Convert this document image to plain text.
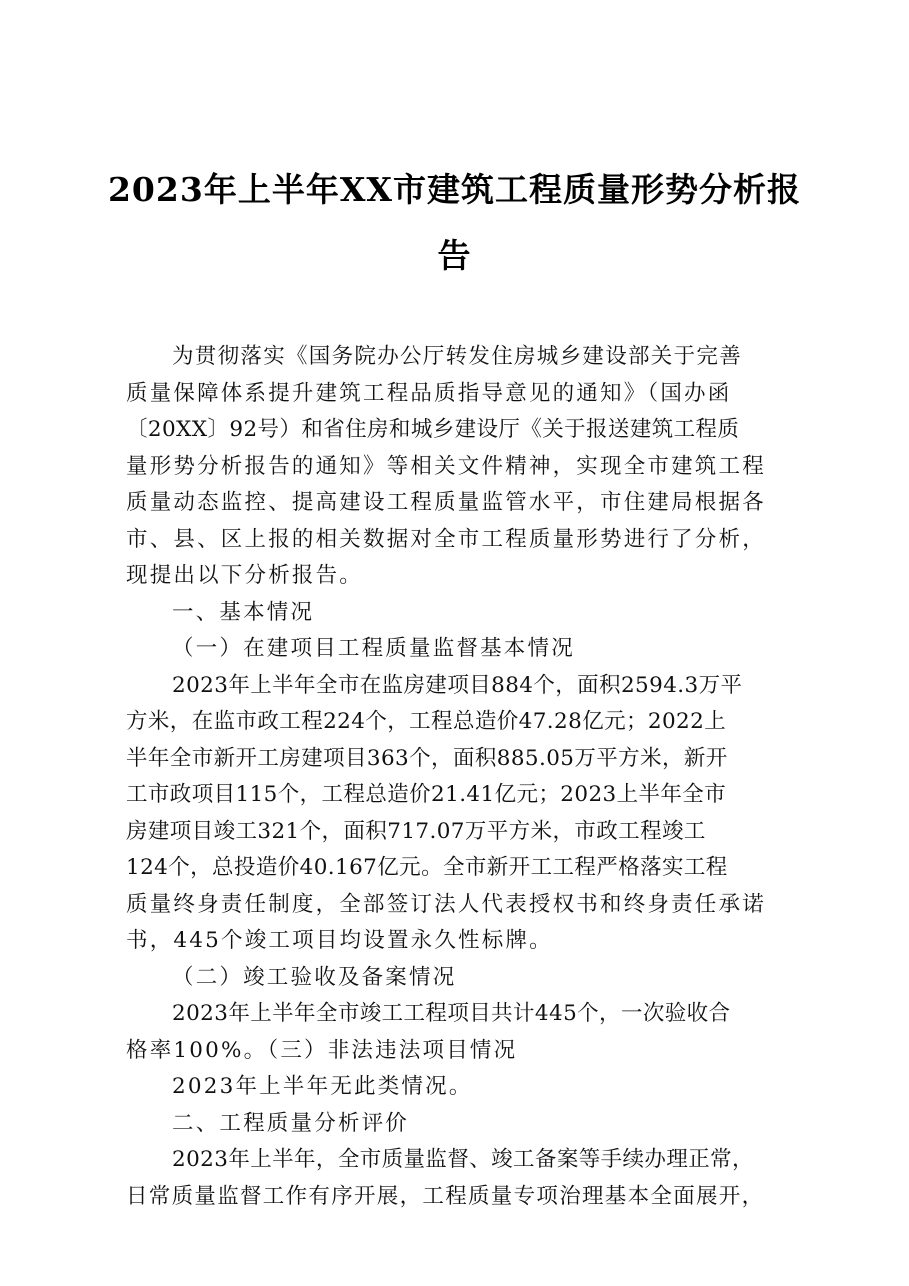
2023年上半年XX市建筑工程质量形势分析报
告
为贯彻落实《国务院办公厅转发住房城乡建设部关于完善
质量保障体系提升建筑工程品质指导意见的通知》（国办函
〔20XX〕92号）和省住房和城乡建设厅《关于报送建筑工程质
量形势分析报告的通知》等相关文件精神，实现全市建筑工程
质量动态监控、提高建设工程质量监管水平，市住建局根据各
市、县、区上报的相关数据对全市工程质量形势进行了分析，
现提出以下分析报告。
一、基本情况
（一）在建项目工程质量监督基本情况
2023年上半年全市在监房建项目884个，面积2594.3万平
方米，在监市政工程224个，工程总造价47.28亿元；2022上
半年全市新开工房建项目363个，面积885.05万平方米，新开
工市政项目115个，工程总造价21.41亿元；2023上半年全市
房建项目竣工321个，面积717.07万平方米，市政工程竣工
124个，总投造价40.167亿元。全市新开工工程严格落实工程
质量终身责任制度，全部签订法人代表授权书和终身责任承诺
书，445个竣工项目均设置永久性标牌。
（二）竣工验收及备案情况
2023年上半年全市竣工工程项目共计445个，一次验收合
格率100%。（三）非法违法项目情况
2023年上半年无此类情况。
二、工程质量分析评价
2023年上半年，全市质量监督、竣工备案等手续办理正常，
日常质量监督工作有序开展，工程质量专项治理基本全面展开，
